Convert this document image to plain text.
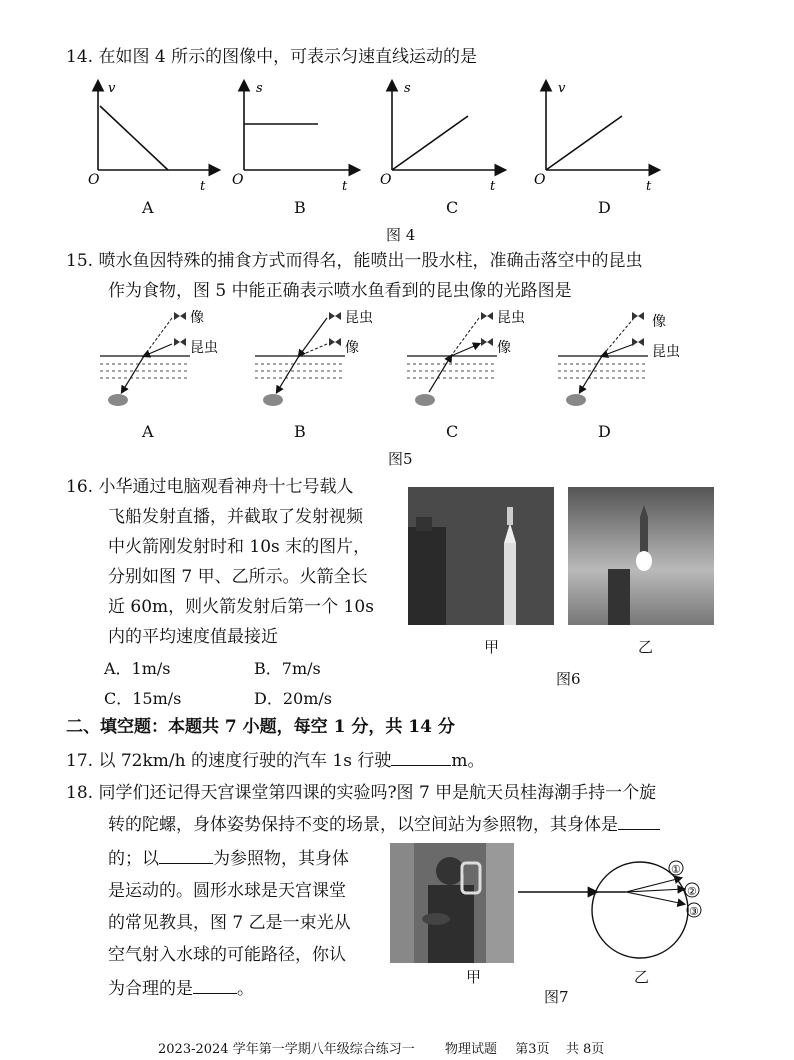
14. 在如图 4 所示的图像中，可表示匀速直线运动的是
O
v
t O
s
t O
s
t	O
v
t
A	B	C	D
图 4
15. 喷水鱼因特殊的捕食方式而得名，能喷出一股水柱，准确击落空中的昆虫
作为食物，图 5 中能正确表示喷水鱼看到的昆虫像的光路图是
像
昆虫
昆虫
像
昆虫
像
像
昆虫
A	B	C	D
图5
16. 小华通过电脑观看神舟十七号载人
飞船发射直播，并截取了发射视频
中火箭刚发射时和 10s 末的图片，
分别如图 7 甲、乙所示。火箭全长
近 60m，则火箭发射后第一个 10s
内的平均速度值最接近
A．1m/s	B．7m/s
C．15m/s	D．20m/s
甲	乙
图6
二、填空题：本题共 7 小题，每空 1 分，共 14 分
17. 以 72km/h 的速度行驶的汽车 1s 行驶	m。
18. 同学们还记得天宫课堂第四课的实验吗?图 7 甲是航天员桂海潮手持一个旋
转的陀螺，身体姿势保持不变的场景，以空间站为参照物，其身体是
的；以	为参照物，其身体
是运动的。圆形水球是天宫课堂
的常见教具，图 7 乙是一束光从
空气射入水球的可能路径，你认
为合理的是	。
甲
①
②
③
乙
图7
2023-2024 学年第一学期八年级综合练习一 物理试题 第3页 共 8页
